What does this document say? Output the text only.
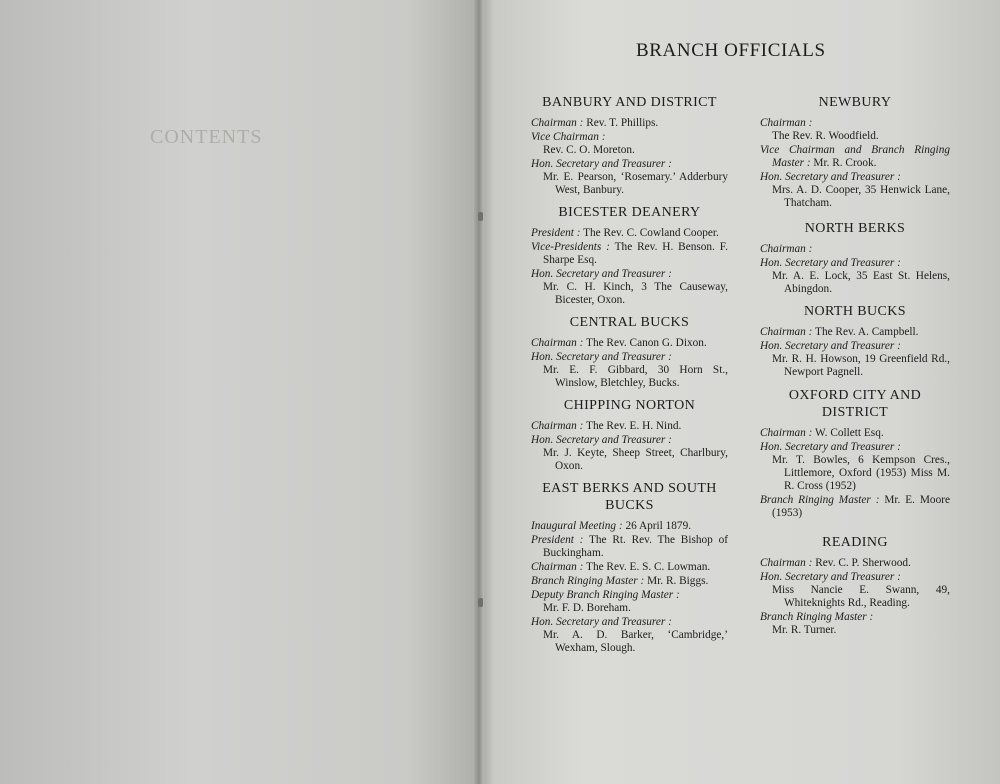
CONTENTS
BRANCH OFFICIALS
BANBURY AND DISTRICT
Chairman : Rev. T. Phillips.
Vice Chairman :
Rev. C. O. Moreton.
Hon. Secretary and Treasurer :
Mr. E. Pearson, ‘Rosemary.’ Adderbury West, Banbury.
BICESTER DEANERY
President : The Rev. C. Cowland Cooper.
Vice-Presidents : The Rev. H. Benson. F. Sharpe Esq.
Hon. Secretary and Treasurer :
Mr. C. H. Kinch, 3 The Causeway, Bicester, Oxon.
CENTRAL BUCKS
Chairman : The Rev. Canon G. Dixon.
Hon. Secretary and Treasurer :
Mr. E. F. Gibbard, 30 Horn St., Winslow, Bletchley, Bucks.
CHIPPING NORTON
Chairman : The Rev. E. H. Nind.
Hon. Secretary and Treasurer :
Mr. J. Keyte, Sheep Street, Charlbury, Oxon.
EAST BERKS AND SOUTH BUCKS
Inaugural Meeting : 26 April 1879.
President : The Rt. Rev. The Bishop of Buckingham.
Chairman : The Rev. E. S. C. Lowman.
Branch Ringing Master : Mr. R. Biggs.
Deputy Branch Ringing Master :
Mr. F. D. Boreham.
Hon. Secretary and Treasurer :
Mr. A. D. Barker, ‘Cambridge,’ Wexham, Slough.
NEWBURY
Chairman :
The Rev. R. Woodfield.
Vice Chairman and Branch Ringing Master : Mr. R. Crook.
Hon. Secretary and Treasurer :
Mrs. A. D. Cooper, 35 Henwick Lane, Thatcham.
NORTH BERKS
Chairman :
Hon. Secretary and Treasurer :
Mr. A. E. Lock, 35 East St. Helens, Abingdon.
NORTH BUCKS
Chairman : The Rev. A. Campbell.
Hon. Secretary and Treasurer :
Mr. R. H. Howson, 19 Greenfield Rd., Newport Pagnell.
OXFORD CITY AND DISTRICT
Chairman : W. Collett Esq.
Hon. Secretary and Treasurer :
Mr. T. Bowles, 6 Kempson Cres., Littlemore, Oxford (1953) Miss M. R. Cross (1952)
Branch Ringing Master : Mr. E. Moore (1953)
READING
Chairman : Rev. C. P. Sherwood.
Hon. Secretary and Treasurer :
Miss Nancie E. Swann, 49, Whiteknights Rd., Reading.
Branch Ringing Master :
Mr. R. Turner.
